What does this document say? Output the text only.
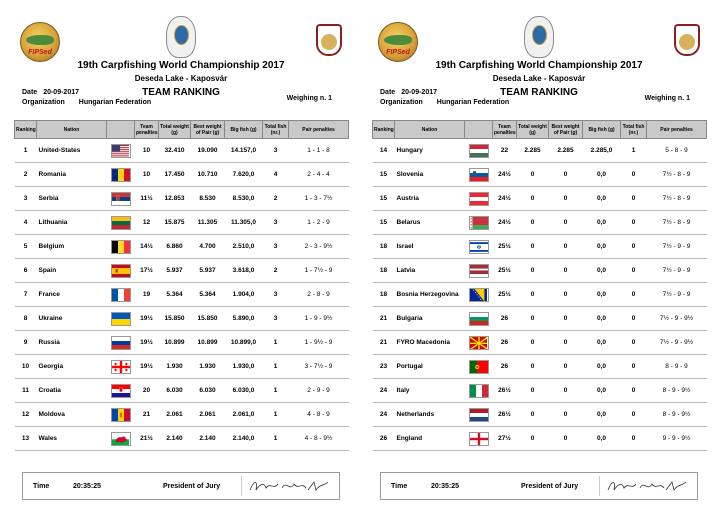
FIPSed
19th Carpfishing World Championship 2017
Deseda Lake - Kaposvár
Date 20-09-2017	TEAM RANKING
Organization Hungarian Federation
Weighing n. 1
Ranking	Nation		Team penalties	Total weight (g)	Best weight of Pair (g)	Big fish (g)	Total fish (nr.)	Pair penalties
1	United-States		10	32.410	19.090	14.157,0	3	1 - 1 - 8
2	Romania		10	17.450	10.710	7.620,0	4	2 - 4 - 4
3	Serbia		11½	12.853	8.530	8.530,0	2	1 - 3 - 7½
4	Lithuania		12	15.875	11.305	11.305,0	3	1 - 2 - 9
5	Belgium		14½	6.860	4.700	2.510,0	3	2 - 3 - 9½
6	Spain		17½	5.937	5.937	3.618,0	2	1 - 7½ - 9
7	France		19	5.364	5.364	1.904,0	3	2 - 8 - 9
8	Ukraine		19½	15.850	15.850	5.890,0	3	1 - 9 - 9½
9	Russia		19½	10.899	10.899	10.899,0	1	1 - 9½ - 9
10	Georgia		19½	1.930	1.930	1.930,0	1	3 - 7½ - 9
11	Croatia		20	6.030	6.030	6.030,0	1	2 - 9 - 9
12	Moldova		21	2.061	2.061	2.061,0	1	4 - 8 - 9
13	Wales		21½	2.140	2.140	2.140,0	1	4 - 8 - 9½
Time	20:35:25	President of Jury
FIPSed
19th Carpfishing World Championship 2017
Deseda Lake - Kaposvár
Date 20-09-2017	TEAM RANKING
Organization Hungarian Federation
Weighing n. 1
Ranking	Nation		Team penalties	Total weight (g)	Best weight of Pair (g)	Big fish (g)	Total fish (nr.)	Pair penalties
14	Hungary		22	2.285	2.285	2.285,0	1	5 - 8 - 9
15	Slovenia		24½	0	0	0,0	0	7½ - 8 - 9
15	Austria		24½	0	0	0,0	0	7½ - 8 - 9
15	Belarus		24½	0	0	0,0	0	7½ - 8 - 9
18	Israel		25½	0	0	0,0	0	7½ - 9 - 9
18	Latvia		25½	0	0	0,0	0	7½ - 9 - 9
18	Bosnia Herzegovina		25½	0	0	0,0	0	7½ - 9 - 9
21	Bulgaria		26	0	0	0,0	0	7½ - 9 - 9½
21	FYRO Macedonia		26	0	0	0,0	0	7½ - 9 - 9½
23	Portugal		26	0	0	0,0	0	8 - 9 - 9
24	Italy		26½	0	0	0,0	0	8 - 9 - 9½
24	Netherlands		26½	0	0	0,0	0	8 - 9 - 9½
26	England		27½	0	0	0,0	0	9 - 9 - 9½
Time	20:35:25	President of Jury
